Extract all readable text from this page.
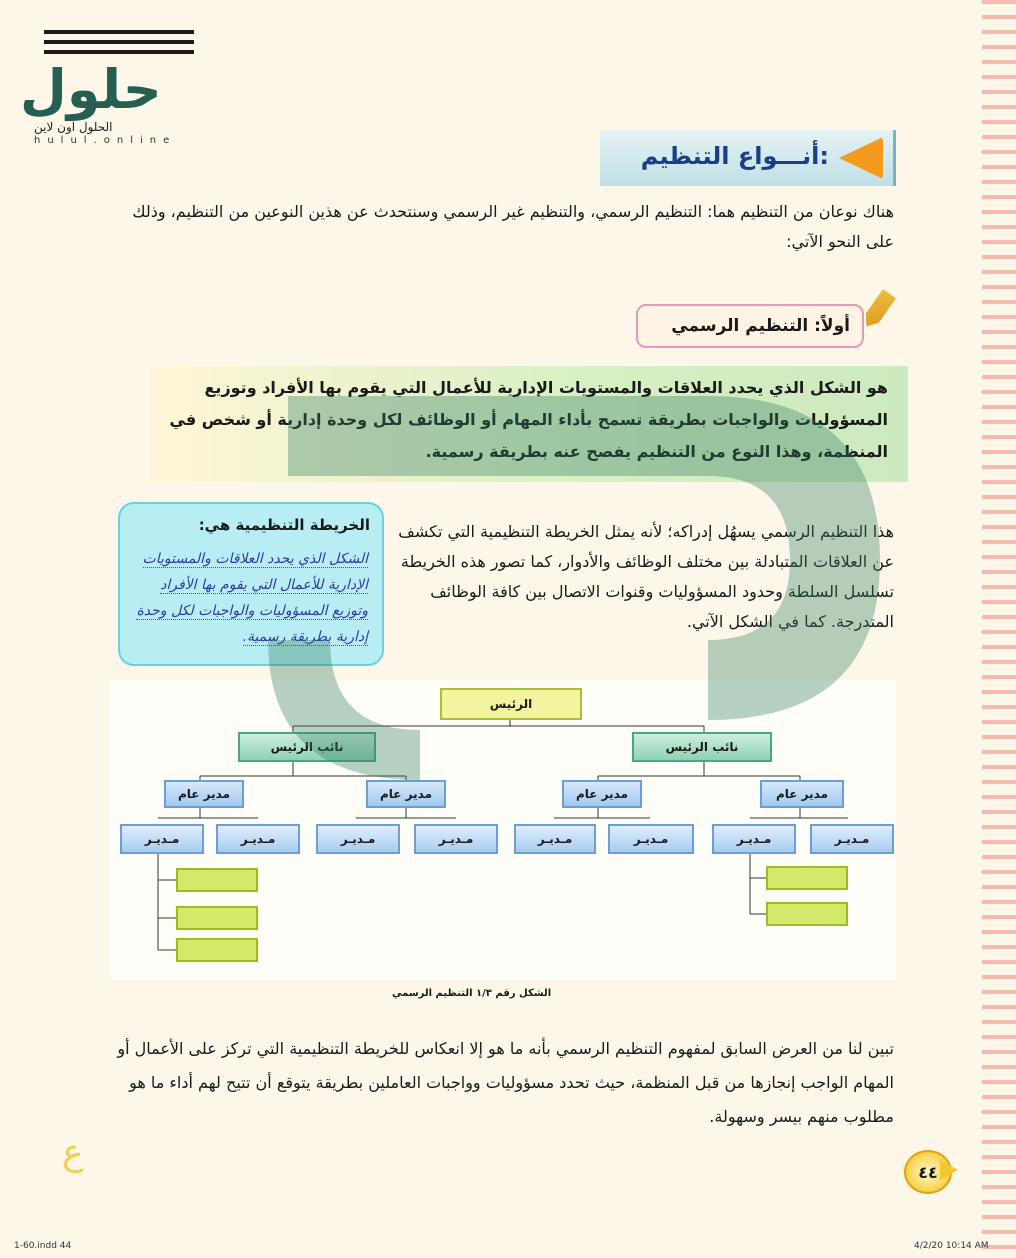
حلول
الحلول اون لاين
hulul.online
أنـــواع التنظيم:
هناك نوعان من التنظيم هما: التنظيم الرسمي، والتنظيم غير الرسمي وسنتحدث عن هذين النوعين من التنظيم، وذلك على النحو الآتي:
أولاً: التنظيم الرسمي
هو الشكل الذي يحدد العلاقات والمستويات الإدارية للأعمال التي يقوم بها الأفراد وتوزيع المسؤوليات والواجبات بطريقة تسمح بأداء المهام أو الوظائف لكل وحدة إدارية أو شخص في المنظمة، وهذا النوع من التنظيم يفصح عنه بطريقة رسمية.
الخريطة التنظيمية هي:
الشكل الذي يحدد العلاقات والمستويات الإدارية للأعمال التي يقوم بها الأفراد وتوزيع المسؤوليات والواجبات لكل وحدة إدارية بطريقة رسمية.
هذا التنظيم الرسمي يسهُل إدراكه؛ لأنه يمثل الخريطة التنظيمية التي تكشف عن العلاقات المتبادلة بين مختلف الوظائف والأدوار، كما تصور هذه الخريطة تسلسل السلطة وحدود المسؤوليات وقنوات الاتصال بين كافة الوظائف المتدرجة. كما في الشكل الآتي.
الرئيس
نائب الرئيس	نائب الرئيس
مدير عام	مدير عام	مدير عام	مدير عام
مـديـر	مـديـر	مـديـر	مـديـر	مـديـر	مـديـر	مـديـر	مـديـر
الشكل رقم ١/٣ التنظيم الرسمي
تبين لنا من العرض السابق لمفهوم التنظيم الرسمي بأنه ما هو إلا انعكاس للخريطة التنظيمية التي تركز على الأعمال أو المهام الواجب إنجازها من قبل المنظمة، حيث تحدد مسؤوليات وواجبات العاملين بطريقة يتوقع أن تتيح لهم أداء ما هو مطلوب منهم بيسر وسهولة.
ﻉ	٤٤
1-60.indd 44	4/2/20 10:14 AM
